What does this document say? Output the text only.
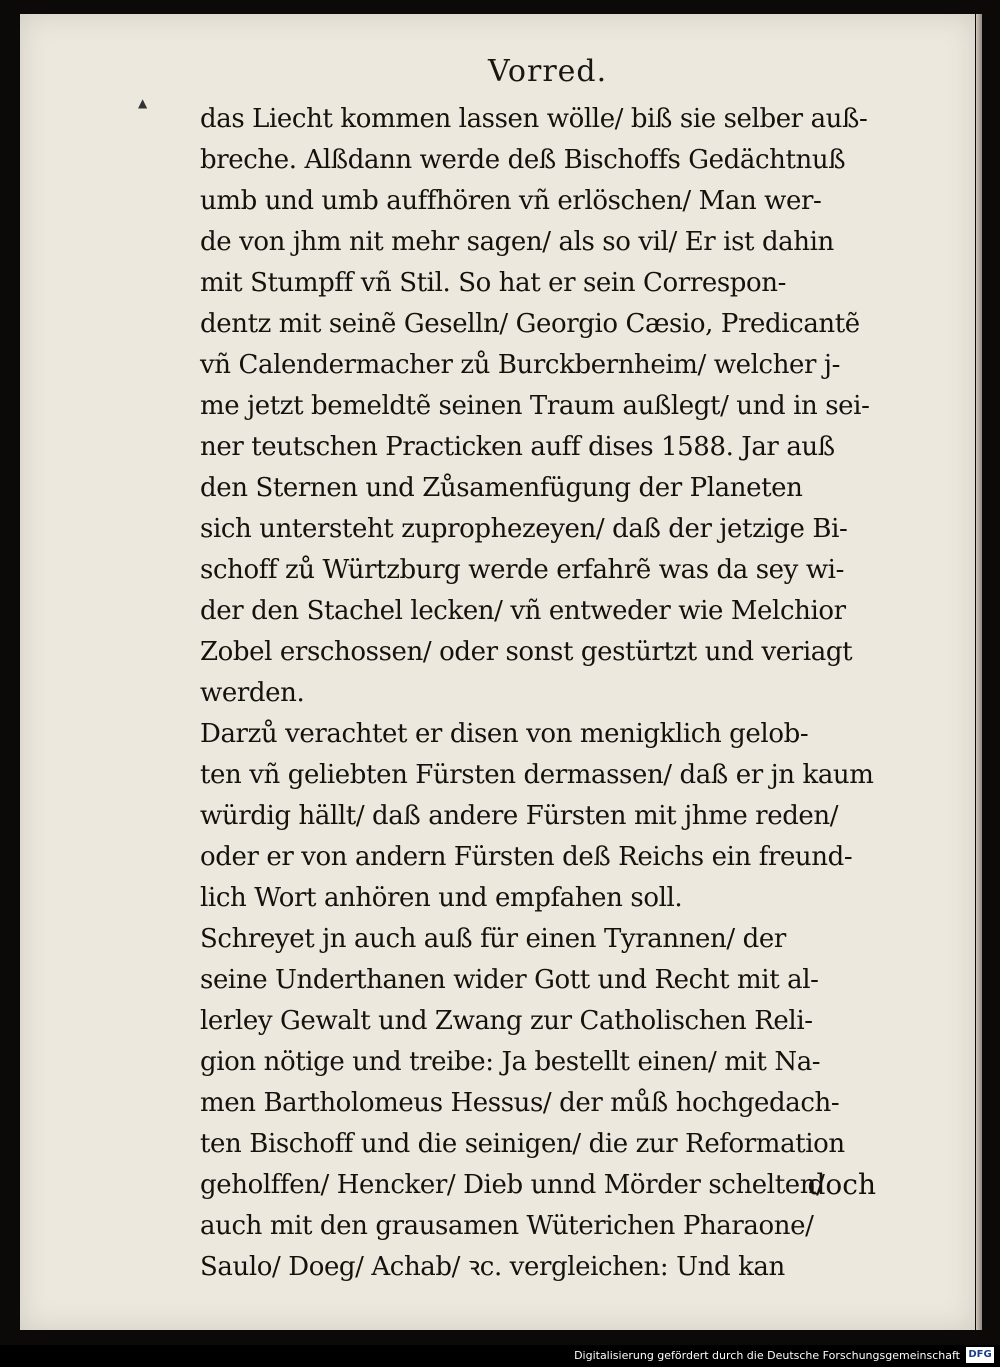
Vorred.
▲
das Liecht kommen lassen wölle/ biß sie selber auß-
breche. Alßdann werde deß Bischoffs Gedächtnuß
umb und umb auffhören vñ erlöschen/ Man wer-
de von jhm nit mehr sagen/ als so vil/ Er ist dahin
mit Stumpff vñ Stil. So hat er sein Correspon-
dentz mit seinẽ Geselln/ Georgio Cæsio, Predicantẽ
vñ Calendermacher zů Burckbernheim/ welcher j-
me jetzt bemeldtẽ seinen Traum außlegt/ und in sei-
ner teutschen Practicken auff dises 1588. Jar auß
den Sternen und Zůsamenfügung der Planeten
sich untersteht zuprophezeyen/ daß der jetzige Bi-
schoff zů Würtzburg werde erfahrẽ was da sey wi-
der den Stachel lecken/ vñ entweder wie Melchior
Zobel erschossen/ oder sonst gestürtzt und veriagt
werden.
Darzů verachtet er disen von menigklich gelob-
ten vñ geliebten Fürsten dermassen/ daß er jn kaum
würdig hällt/ daß andere Fürsten mit jhme reden/
oder er von andern Fürsten deß Reichs ein freund-
lich Wort anhören und empfahen soll.
Schreyet jn auch auß für einen Tyrannen/ der
seine Underthanen wider Gott und Recht mit al-
lerley Gewalt und Zwang zur Catholischen Reli-
gion nötige und treibe: Ja bestellt einen/ mit Na-
men Bartholomeus Hessus/ der můß hochgedach-
ten Bischoff und die seinigen/ die zur Reformation
geholffen/ Hencker/ Dieb unnd Mörder schelten/
auch mit den grausamen Wüterichen Pharaone/
Saulo/ Doeg/ Achab/ ꝛc. vergleichen: Und kan
doch
Digitalisierung gefördert durch die Deutsche Forschungsgemeinschaft DFG
